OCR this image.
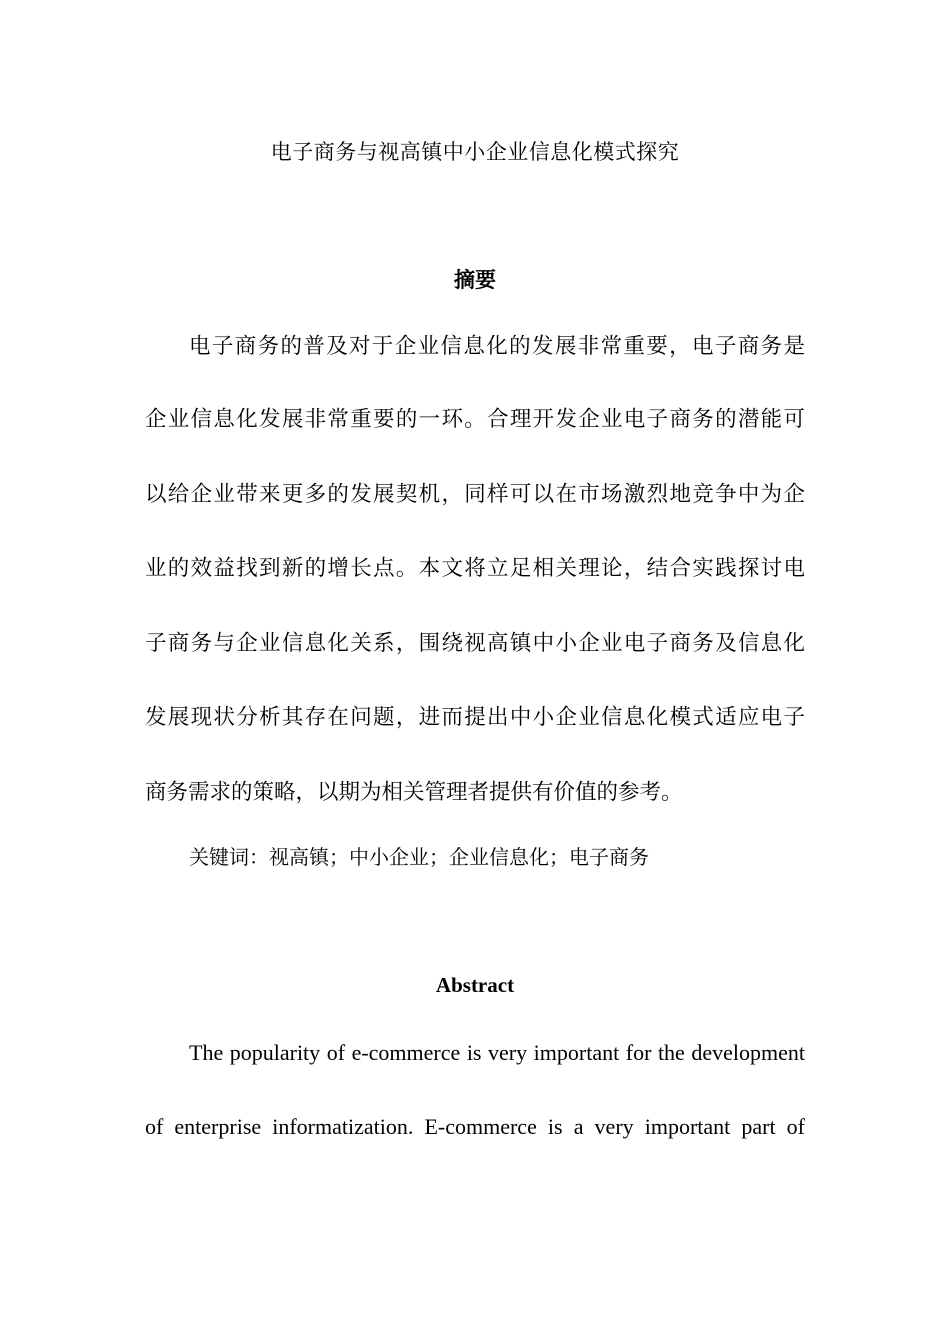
电子商务与视高镇中小企业信息化模式探究
摘要
电子商务的普及对于企业信息化的发展非常重要，电子商务是
企业信息化发展非常重要的一环。合理开发企业电子商务的潜能可
以给企业带来更多的发展契机，同样可以在市场激烈地竞争中为企
业的效益找到新的增长点。本文将立足相关理论，结合实践探讨电
子商务与企业信息化关系，围绕视高镇中小企业电子商务及信息化
发展现状分析其存在问题，进而提出中小企业信息化模式适应电子
商务需求的策略，以期为相关管理者提供有价值的参考。
关键词：视高镇；中小企业；企业信息化；电子商务
Abstract
The popularity of e-commerce is very important for the development
of enterprise informatization. E-commerce is a very important part of
